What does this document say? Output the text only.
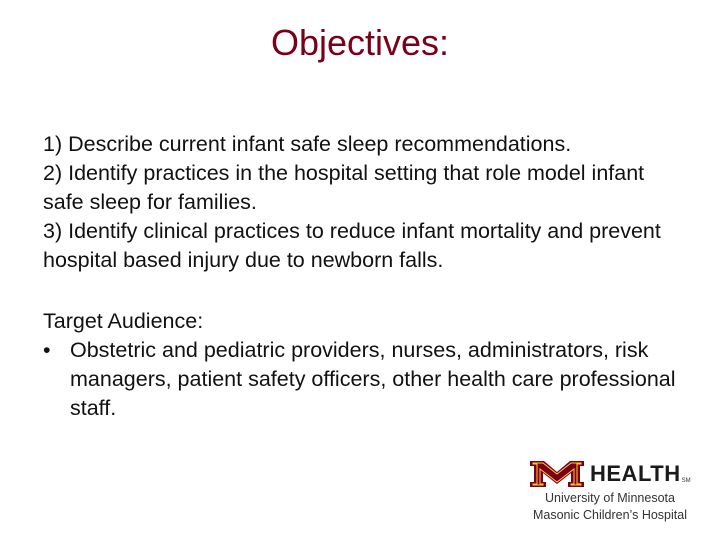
Objectives:

1) Describe current infant safe sleep recommendations.

2) Identify practices in the hospital setting that role model infant safe sleep for families.

3) Identify clinical practices to reduce infant mortality and prevent hospital based injury due to newborn falls.

Target Audience:

• Obstetric and pediatric providers, nurses, administrators, risk managers, patient safety officers, other health care professional staff.
HEALTH SM
University of Minnesota
Masonic Children’s Hospital
